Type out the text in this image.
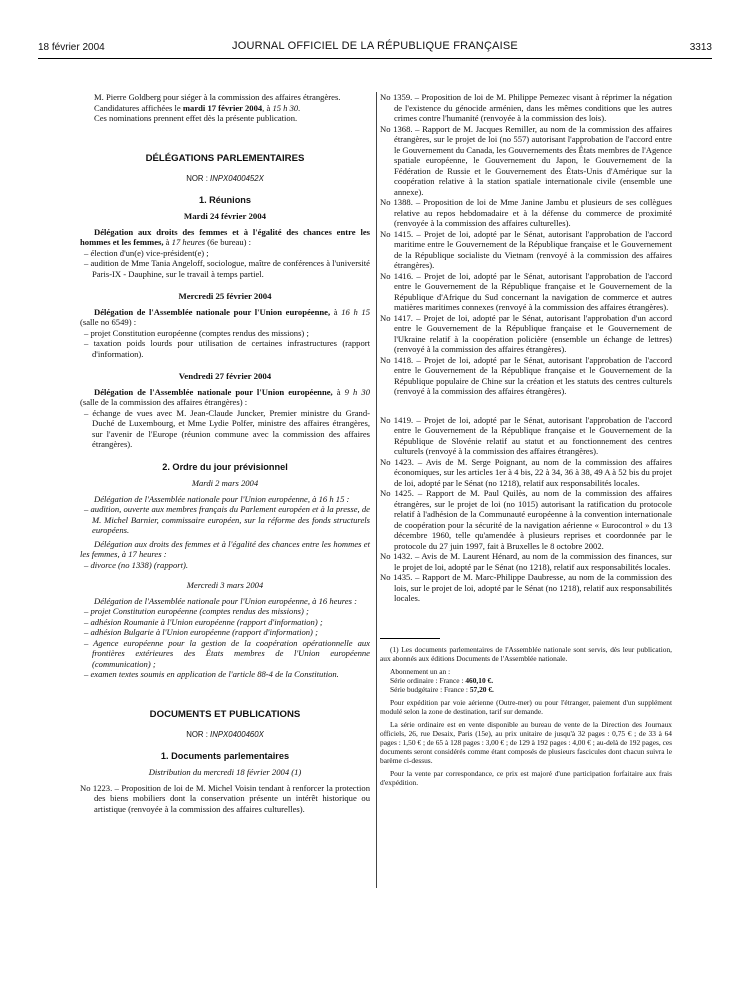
18 février 2004	JOURNAL OFFICIEL DE LA RÉPUBLIQUE FRANÇAISE	3313

M. Pierre Goldberg pour siéger à la commission des affaires étrangères.

Candidatures affichées le mardi 17 février 2004, à 15 h 30.

Ces nominations prennent effet dès la présente publication.

DÉLÉGATIONS PARLEMENTAIRES

NOR : INPX0400452X

1. Réunions

Mardi 24 février 2004

Délégation aux droits des femmes et à l'égalité des chances entre les hommes et les femmes, à 17 heures (6e bureau) :

– élection d'un(e) vice-président(e) ;

– audition de Mme Tania Angeloff, sociologue, maître de conférences à l'université Paris-IX - Dauphine, sur le travail à temps partiel.

Mercredi 25 février 2004

Délégation de l'Assemblée nationale pour l'Union européenne, à 16 h 15 (salle no 6549) :

– projet Constitution européenne (comptes rendus des missions) ;

– taxation poids lourds pour utilisation de certaines infrastructures (rapport d'information).

Vendredi 27 février 2004

Délégation de l'Assemblée nationale pour l'Union européenne, à 9 h 30 (salle de la commission des affaires étrangères) :

– échange de vues avec M. Jean-Claude Juncker, Premier ministre du Grand-Duché de Luxembourg, et Mme Lydie Polfer, ministre des affaires étrangères, sur l'avenir de l'Europe (réunion commune avec la commission des affaires étrangères).

2. Ordre du jour prévisionnel

Mardi 2 mars 2004

Délégation de l'Assemblée nationale pour l'Union européenne, à 16 h 15 :

– audition, ouverte aux membres français du Parlement européen et à la presse, de M. Michel Barnier, commissaire européen, sur la réforme des fonds structurels européens.

Délégation aux droits des femmes et à l'égalité des chances entre les hommes et les femmes, à 17 heures :

– divorce (no 1338) (rapport).

Mercredi 3 mars 2004

Délégation de l'Assemblée nationale pour l'Union européenne, à 16 heures :

– projet Constitution européenne (comptes rendus des missions) ;

– adhésion Roumanie à l'Union européenne (rapport d'information) ;

– adhésion Bulgarie à l'Union européenne (rapport d'information) ;

– Agence européenne pour la gestion de la coopération opérationnelle aux frontières extérieures des États membres de l'Union européenne (communication) ;

– examen textes soumis en application de l'article 88-4 de la Constitution.

DOCUMENTS ET PUBLICATIONS

NOR : INPX0400460X

1. Documents parlementaires

Distribution du mercredi 18 février 2004 (1)

No 1223. – Proposition de loi de M. Michel Voisin tendant à renforcer la protection des biens mobiliers dont la conservation présente un intérêt historique ou artistique (renvoyée à la commission des affaires culturelles).

No 1359. – Proposition de loi de M. Philippe Pemezec visant à réprimer la négation de l'existence du génocide arménien, dans les mêmes conditions que les autres crimes contre l'humanité (renvoyée à la commission des lois).

No 1368. – Rapport de M. Jacques Remiller, au nom de la commission des affaires étrangères, sur le projet de loi (no 557) autorisant l'approbation de l'accord entre le Gouvernement du Canada, les Gouvernements des États membres de l'Agence spatiale européenne, le Gouvernement du Japon, le Gouvernement de la Fédération de Russie et le Gouvernement des États-Unis d'Amérique sur la coopération relative à la station spatiale internationale civile (ensemble une annexe).

No 1388. – Proposition de loi de Mme Janine Jambu et plusieurs de ses collègues relative au repos hebdomadaire et à la défense du commerce de proximité (renvoyée à la commission des affaires culturelles).

No 1415. – Projet de loi, adopté par le Sénat, autorisant l'approbation de l'accord maritime entre le Gouvernement de la République française et le Gouvernement de la République socialiste du Vietnam (renvoyé à la commission des affaires étrangères).

No 1416. – Projet de loi, adopté par le Sénat, autorisant l'approbation de l'accord entre le Gouvernement de la République française et le Gouvernement de la République d'Afrique du Sud concernant la navigation de commerce et autres matières maritimes connexes (renvoyé à la commission des affaires étrangères).

No 1417. – Projet de loi, adopté par le Sénat, autorisant l'approbation d'un accord entre le Gouvernement de la République française et le Gouvernement de l'Ukraine relatif à la coopération policière (ensemble un échange de lettres) (renvoyé à la commission des affaires étrangères).

No 1418. – Projet de loi, adopté par le Sénat, autorisant l'approbation de l'accord entre le Gouvernement de la République française et le Gouvernement de la République populaire de Chine sur la création et les statuts des centres culturels (renvoyé à la commission des affaires étrangères).

No 1419. – Projet de loi, adopté par le Sénat, autorisant l'approbation de l'accord entre le Gouvernement de la République française et le Gouvernement de la République de Slovénie relatif au statut et au fonctionnement des centres culturels (renvoyé à la commission des affaires étrangères).

No 1423. – Avis de M. Serge Poignant, au nom de la commission des affaires économiques, sur les articles 1er à 4 bis, 22 à 34, 36 à 38, 49 A à 52 bis du projet de loi, adopté par le Sénat (no 1218), relatif aux responsabilités locales.

No 1425. – Rapport de M. Paul Quilès, au nom de la commission des affaires étrangères, sur le projet de loi (no 1015) autorisant la ratification du protocole relatif à l'adhésion de la Communauté européenne à la convention internationale de coopération pour la sécurité de la navigation aérienne « Eurocontrol » du 13 décembre 1960, telle qu'amendée à plusieurs reprises et coordonnée par le protocole du 27 juin 1997, fait à Bruxelles le 8 octobre 2002.

No 1432. – Avis de M. Laurent Hénard, au nom de la commission des finances, sur le projet de loi, adopté par le Sénat (no 1218), relatif aux responsabilités locales.

No 1435. – Rapport de M. Marc-Philippe Daubresse, au nom de la commission des lois, sur le projet de loi, adopté par le Sénat (no 1218), relatif aux responsabilités locales.

(1) Les documents parlementaires de l'Assemblée nationale sont servis, dès leur publication, aux abonnés aux éditions Documents de l'Assemblée nationale.

Abonnement un an :

Série ordinaire : France : 460,10 €.

Série budgétaire : France : 57,20 €.

Pour expédition par voie aérienne (Outre-mer) ou pour l'étranger, paiement d'un supplément modulé selon la zone de destination, tarif sur demande.

La série ordinaire est en vente disponible au bureau de vente de la Direction des Journaux officiels, 26, rue Desaix, Paris (15e), au prix unitaire de jusqu'à 32 pages : 0,75 € ; de 33 à 64 pages : 1,50 € ; de 65 à 128 pages : 3,00 € ; de 129 à 192 pages : 4,00 € ; au-delà de 192 pages, ces documents seront considérés comme étant composés de plusieurs fascicules dont chacun suivra le barème ci-dessus.

Pour la vente par correspondance, ce prix est majoré d'une participation forfaitaire aux frais d'expédition.
